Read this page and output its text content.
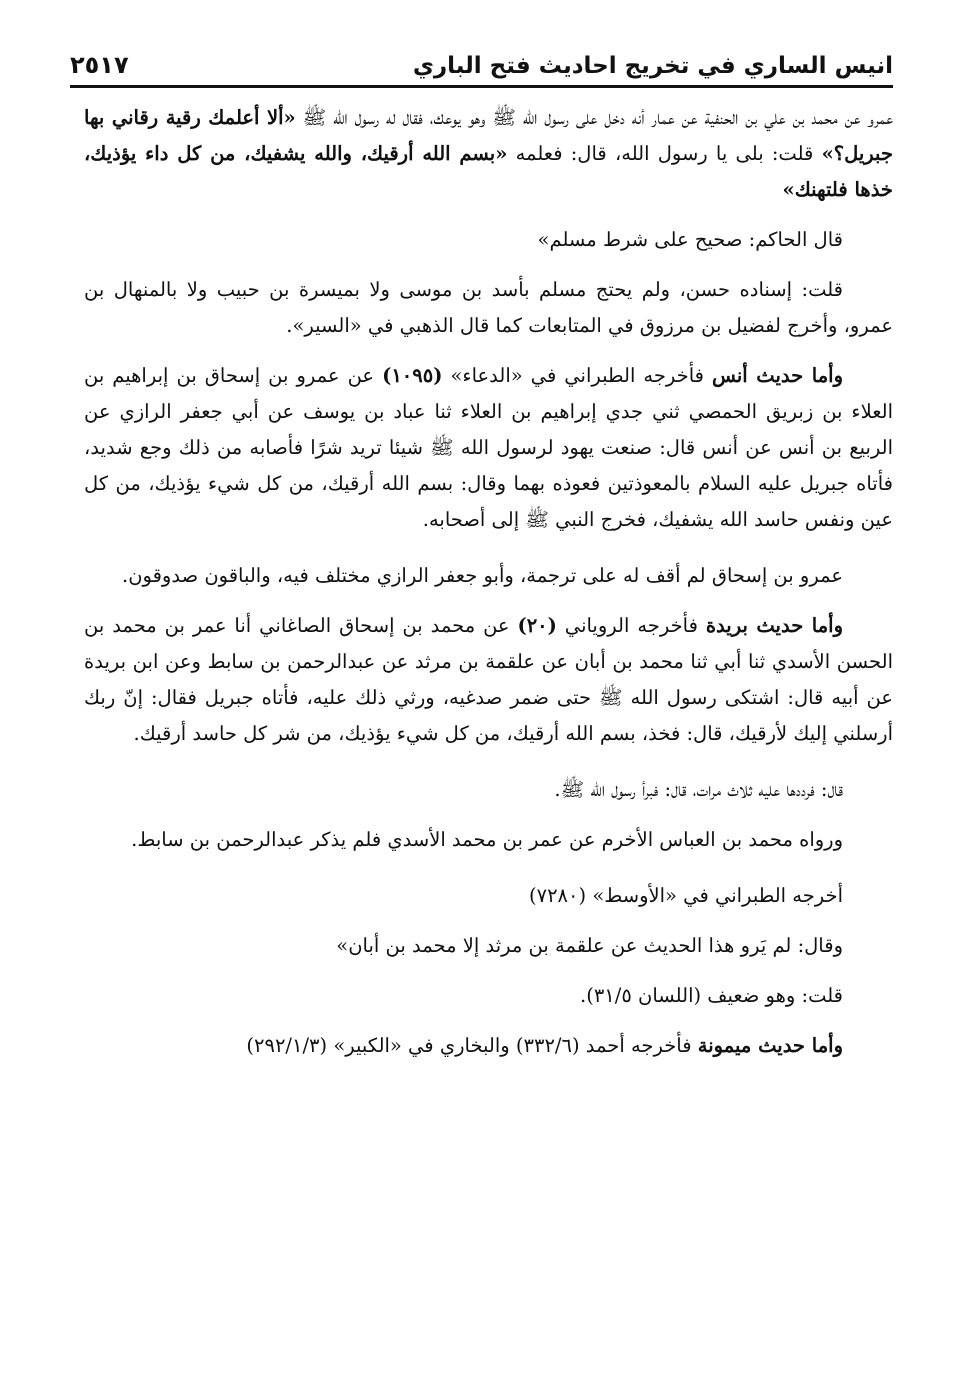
انيس الساري في تخريج احاديث فتح الباري
٢٥١٧

عمرو عن محمد بن علي بن الحنفية عن عمار أنه دخل على رسول الله ﷺ وهو يوعك، فقال له رسول الله ﷺ «ألا أعلمك رقية رقاني بها جبريل؟» قلت: بلى يا رسول الله، قال: فعلمه «بسم الله أرقيك، والله يشفيك، من كل داء يؤذيك، خذها فلتهنك»

قال الحاكم: صحيح على شرط مسلم»

قلت: إسناده حسن، ولم يحتج مسلم بأسد بن موسى ولا بميسرة بن حبيب ولا بالمنهال بن عمرو، وأخرج لفضيل بن مرزوق في المتابعات كما قال الذهبي في «السير».

وأما حديث أنس فأخرجه الطبراني في «الدعاء» (١٠٩٥) عن عمرو بن إسحاق بن إبراهيم بن العلاء بن زبريق الحمصي ثني جدي إبراهيم بن العلاء ثنا عباد بن يوسف عن أبي جعفر الرازي عن الربيع بن أنس عن أنس قال: صنعت يهود لرسول الله ﷺ شيئا تريد شرًا فأصابه من ذلك وجع شديد، فأتاه جبريل عليه السلام بالمعوذتين فعوذه بهما وقال: بسم الله أرقيك، من كل شيء يؤذيك، من كل عين ونفس حاسد الله يشفيك، فخرج النبي ﷺ إلى أصحابه.

عمرو بن إسحاق لم أقف له على ترجمة، وأبو جعفر الرازي مختلف فيه، والباقون صدوقون.

وأما حديث بريدة فأخرجه الروياني (٢٠) عن محمد بن إسحاق الصاغاني أنا عمر بن محمد بن الحسن الأسدي ثنا أبي ثنا محمد بن أبان عن علقمة بن مرثد عن عبدالرحمن بن سابط وعن ابن بريدة عن أبيه قال: اشتكى رسول الله ﷺ حتى ضمر صدغيه، ورثي ذلك عليه، فأتاه جبريل فقال: إنّ ربك أرسلني إليك لأرقيك، قال: فخذ، بسم الله أرقيك، من كل شيء يؤذيك، من شر كل حاسد أرقيك.

قال: فرددها عليه ثلاث مرات، قال: فبرأ رسول الله ﷺ.

ورواه محمد بن العباس الأخرم عن عمر بن محمد الأسدي فلم يذكر عبدالرحمن بن سابط.

أخرجه الطبراني في «الأوسط» (٧٢٨٠)

وقال: لم يَرو هذا الحديث عن علقمة بن مرثد إلا محمد بن أبان»

قلت: وهو ضعيف (اللسان ٣١/٥).

وأما حديث ميمونة فأخرجه أحمد (٣٣٢/٦) والبخاري في «الكبير» (٢٩٢/١/٣)
